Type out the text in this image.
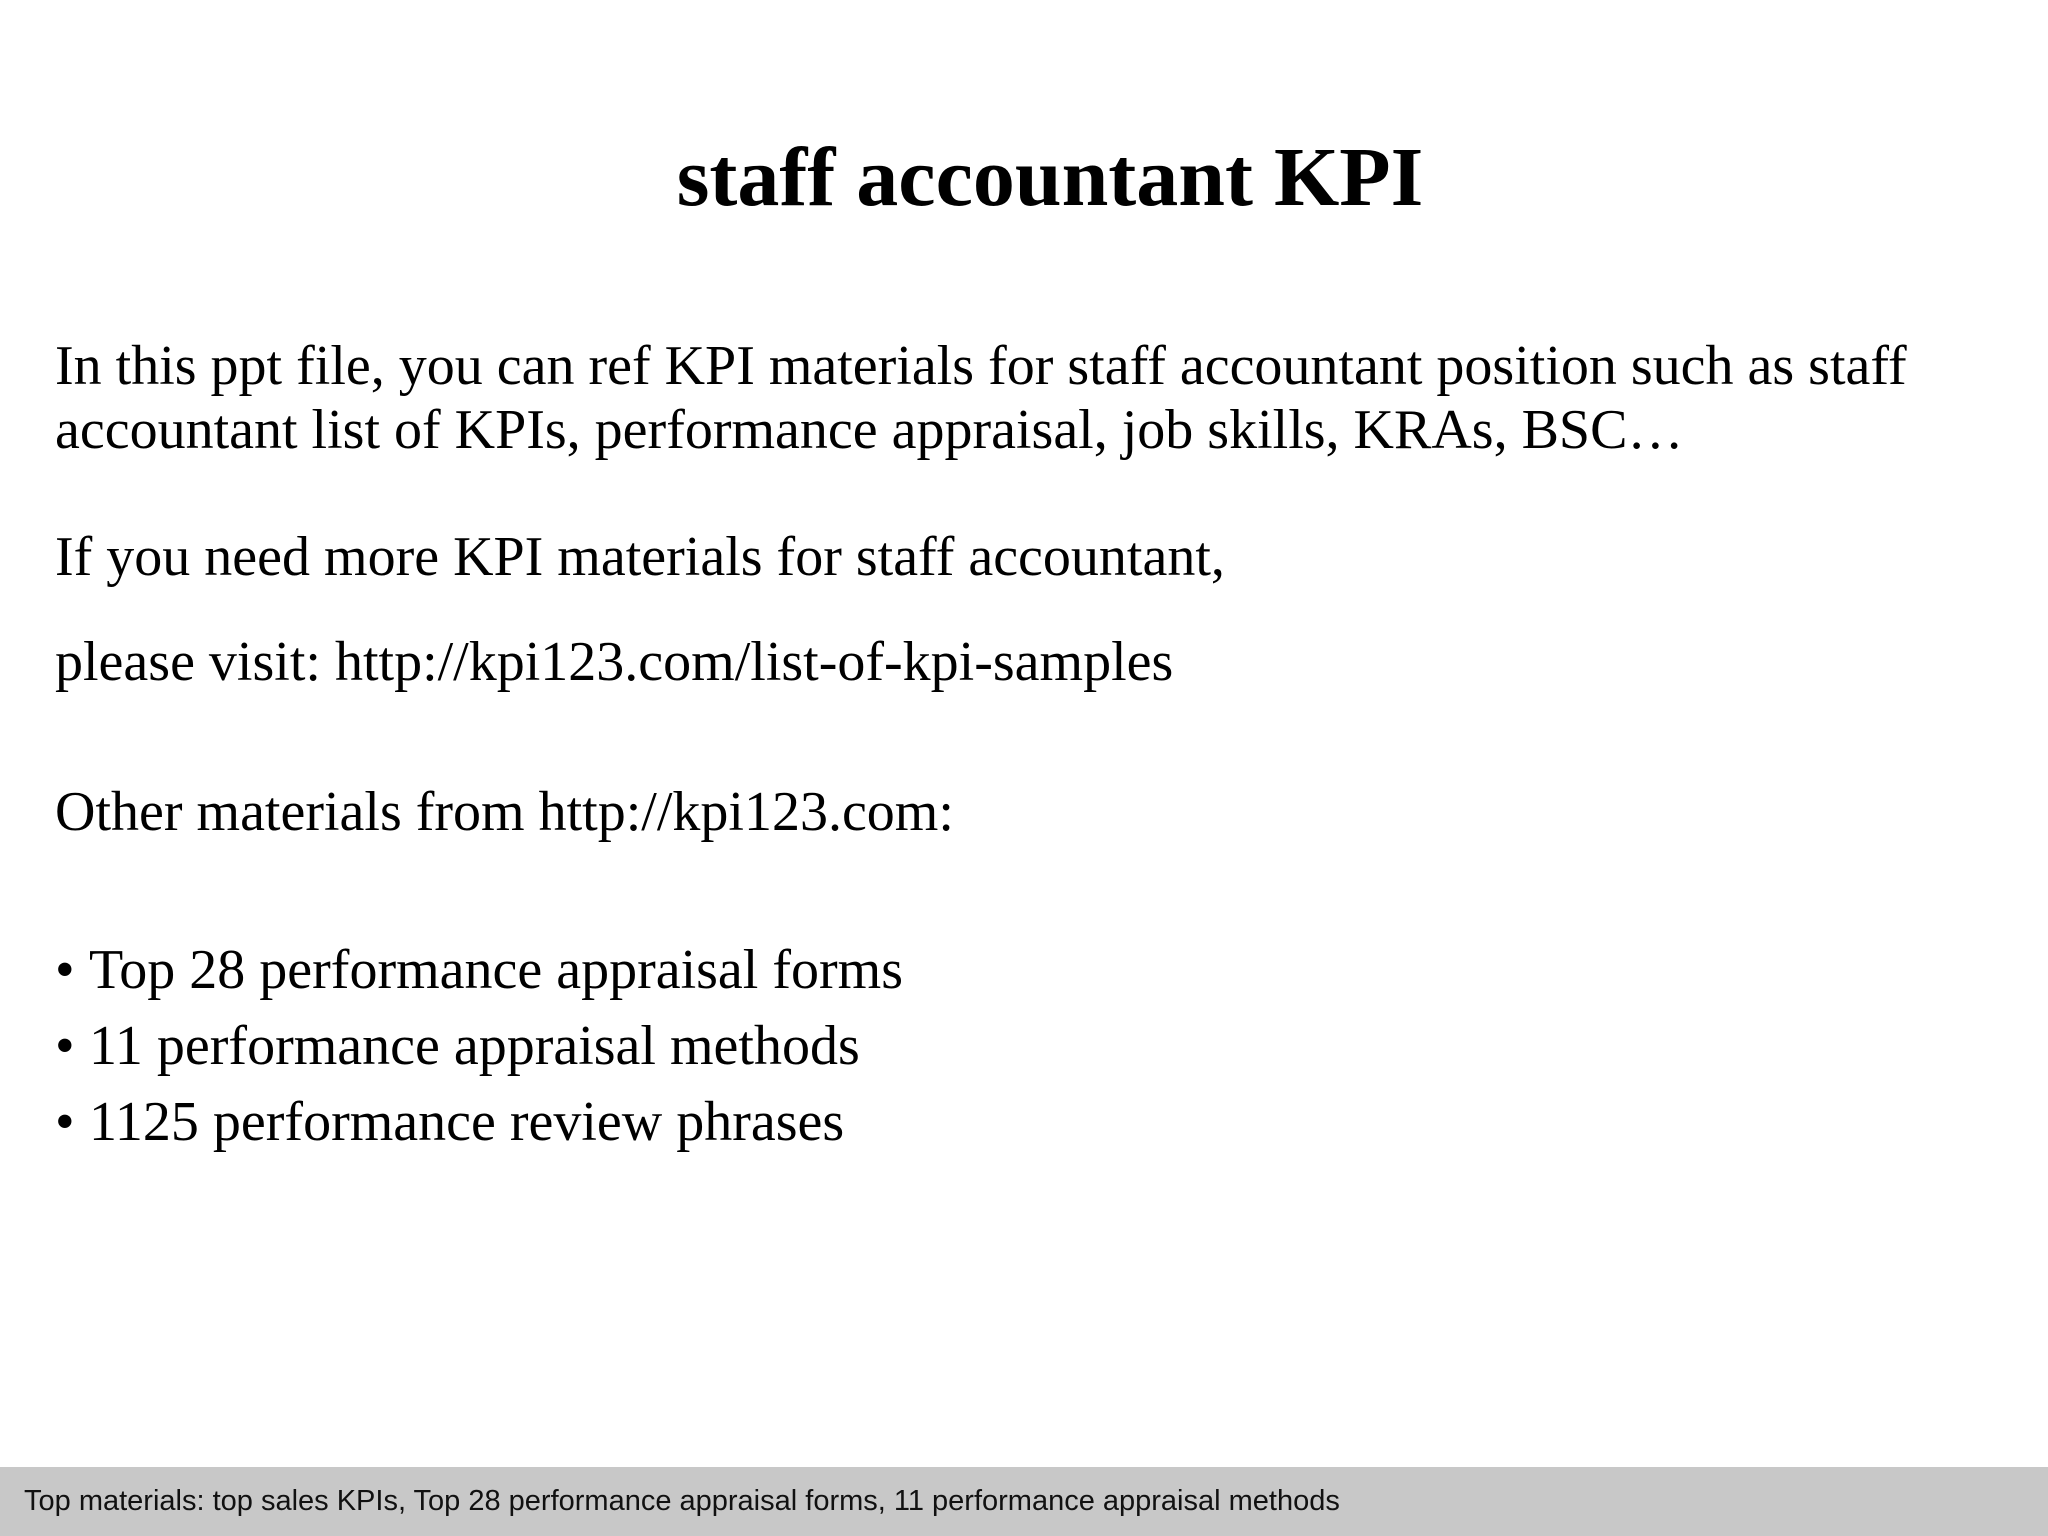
staff accountant KPI
In this ppt file, you can ref KPI materials for staff accountant position such as staff
accountant list of KPIs, performance appraisal, job skills, KRAs, BSC…

If you need more KPI materials for staff accountant,

please visit: http://kpi123.com/list-of-kpi-samples

Other materials from http://kpi123.com:

• Top 28 performance appraisal forms
• 11 performance appraisal methods
• 1125 performance review phrases
Top materials: top sales KPIs, Top 28 performance appraisal forms, 11 performance appraisal methods
